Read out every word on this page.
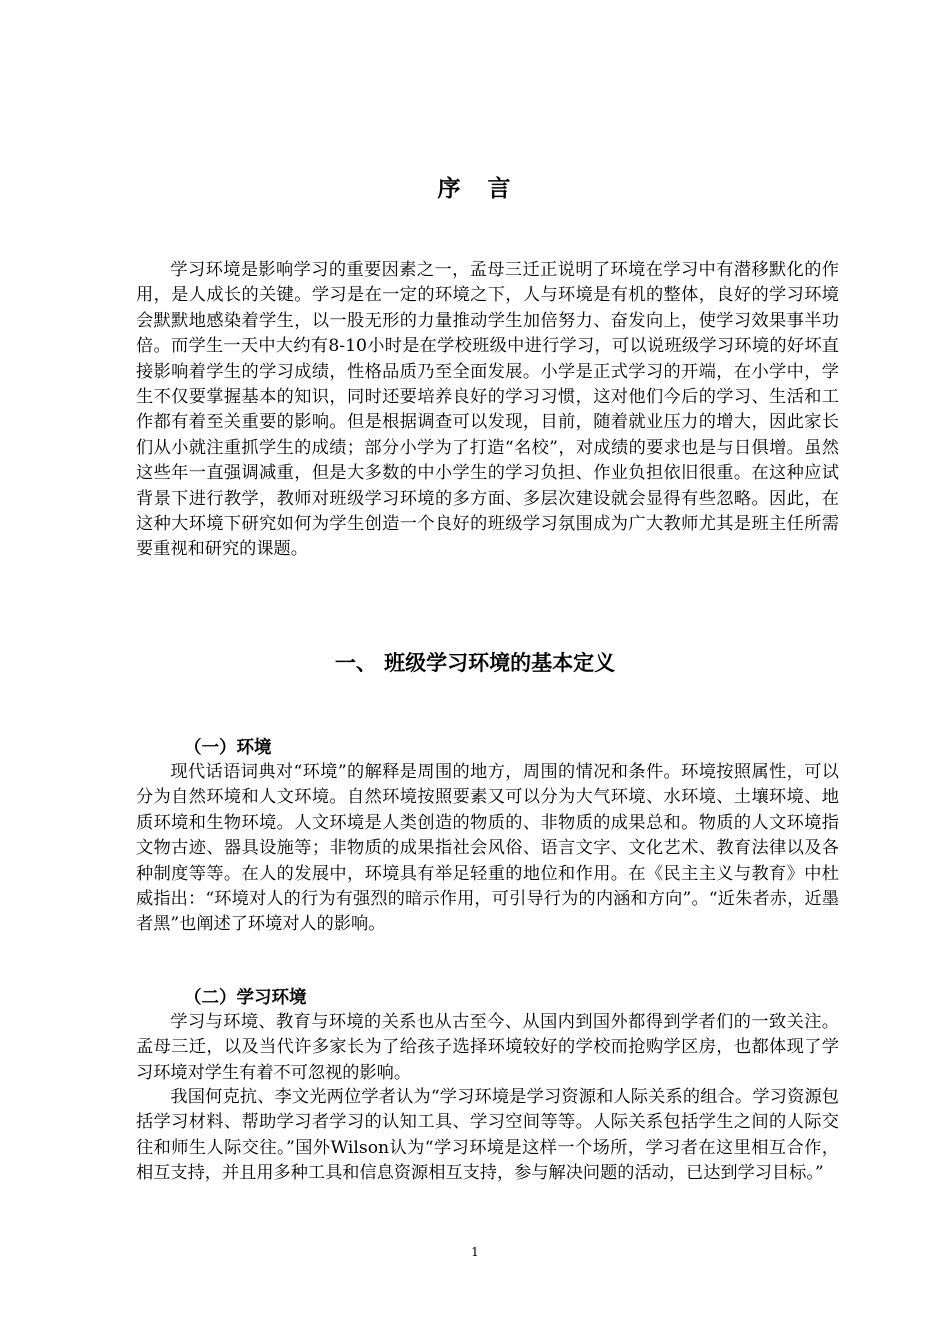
序　言

学习环境是影响学习的重要因素之一，孟母三迁正说明了环境在学习中有潜移默化的作用，是人成长的关键。学习是在一定的环境之下，人与环境是有机的整体，良好的学习环境会默默地感染着学生，以一股无形的力量推动学生加倍努力、奋发向上，使学习效果事半功倍。而学生一天中大约有8-10小时是在学校班级中进行学习，可以说班级学习环境的好坏直接影响着学生的学习成绩，性格品质乃至全面发展。小学是正式学习的开端，在小学中，学生不仅要掌握基本的知识，同时还要培养良好的学习习惯，这对他们今后的学习、生活和工作都有着至关重要的影响。但是根据调查可以发现，目前，随着就业压力的增大，因此家长们从小就注重抓学生的成绩；部分小学为了打造“名校”，对成绩的要求也是与日俱增。虽然这些年一直强调减重，但是大多数的中小学生的学习负担、作业负担依旧很重。在这种应试背景下进行教学，教师对班级学习环境的多方面、多层次建设就会显得有些忽略。因此，在这种大环境下研究如何为学生创造一个良好的班级学习氛围成为广大教师尤其是班主任所需要重视和研究的课题。

一、 班级学习环境的基本定义
（一）环境

现代话语词典对“环境”的解释是周围的地方，周围的情况和条件。环境按照属性，可以分为自然环境和人文环境。自然环境按照要素又可以分为大气环境、水环境、土壤环境、地质环境和生物环境。人文环境是人类创造的物质的、非物质的成果总和。物质的人文环境指文物古迹、器具设施等；非物质的成果指社会风俗、语言文字、文化艺术、教育法律以及各种制度等等。在人的发展中，环境具有举足轻重的地位和作用。在《民主主义与教育》中杜威指出：“环境对人的行为有强烈的暗示作用，可引导行为的内涵和方向”。“近朱者赤，近墨者黑”也阐述了环境对人的影响。

（二）学习环境

学习与环境、教育与环境的关系也从古至今、从国内到国外都得到学者们的一致关注。孟母三迁，以及当代许多家长为了给孩子选择环境较好的学校而抢购学区房，也都体现了学习环境对学生有着不可忽视的影响。

我国何克抗、李文光两位学者认为“学习环境是学习资源和人际关系的组合。学习资源包括学习材料、帮助学习者学习的认知工具、学习空间等等。人际关系包括学生之间的人际交往和师生人际交往。”国外Wilson认为“学习环境是这样一个场所，学习者在这里相互合作，相互支持，并且用多种工具和信息资源相互支持，参与解决问题的活动，已达到学习目标。”

1
